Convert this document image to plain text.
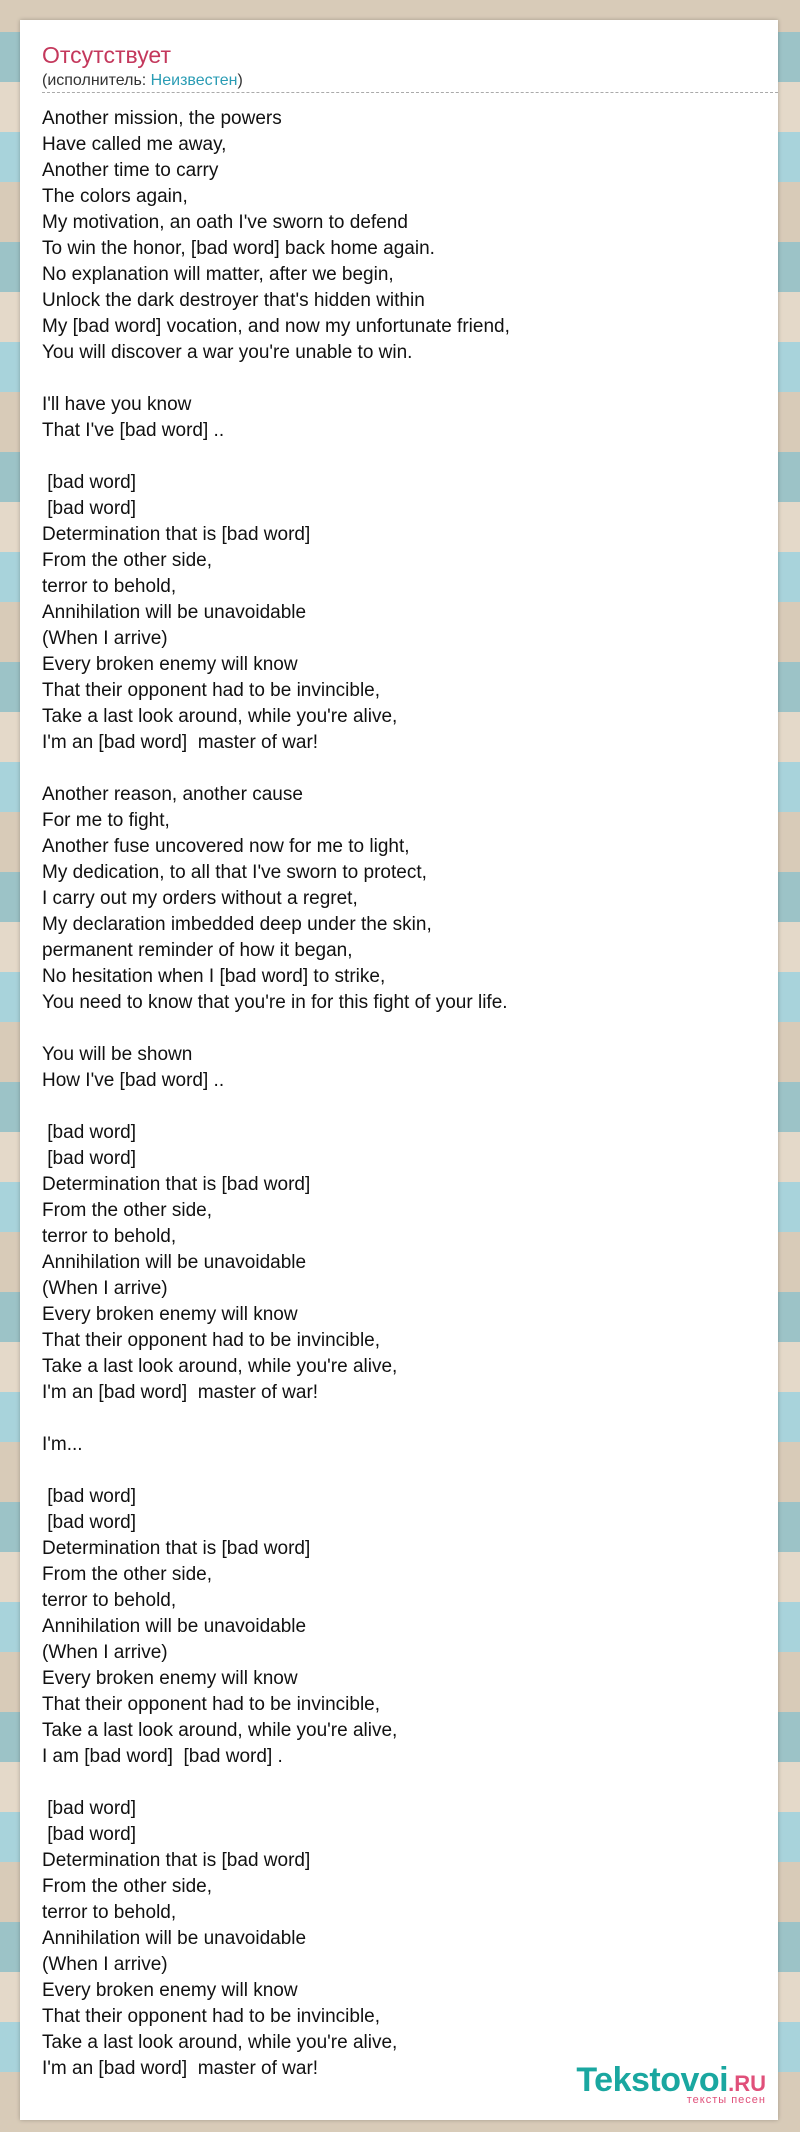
Отсутствует
(исполнитель: Неизвестен)
Another mission, the powers
Have called me away,
Another time to carry
The colors again,
My motivation, an oath I've sworn to defend
To win the honor, [bad word] back home again.
No explanation will matter, after we begin,
Unlock the dark destroyer that's hidden within
My [bad word] vocation, and now my unfortunate friend,
You will discover a war you're unable to win.
I'll have you know
That I've [bad word] ..
[bad word]
[bad word]
Determination that is [bad word]
From the other side,
terror to behold,
Annihilation will be unavoidable
(When I arrive)
Every broken enemy will know
That their opponent had to be invincible,
Take a last look around, while you're alive,
I'm an [bad word]  master of war!
Another reason, another cause
For me to fight,
Another fuse uncovered now for me to light,
My dedication, to all that I've sworn to protect,
I carry out my orders without a regret,
My declaration imbedded deep under the skin,
permanent reminder of how it began,
No hesitation when I [bad word] to strike,
You need to know that you're in for this fight of your life.
You will be shown
How I've [bad word] ..
[bad word]
[bad word]
Determination that is [bad word]
From the other side,
terror to behold,
Annihilation will be unavoidable
(When I arrive)
Every broken enemy will know
That their opponent had to be invincible,
Take a last look around, while you're alive,
I'm an [bad word]  master of war!
I'm...
[bad word]
[bad word]
Determination that is [bad word]
From the other side,
terror to behold,
Annihilation will be unavoidable
(When I arrive)
Every broken enemy will know
That their opponent had to be invincible,
Take a last look around, while you're alive,
I am [bad word]  [bad word] .
[bad word]
[bad word]
Determination that is [bad word]
From the other side,
terror to behold,
Annihilation will be unavoidable
(When I arrive)
Every broken enemy will know
That their opponent had to be invincible,
Take a last look around, while you're alive,
I'm an [bad word]  master of war!	Tekstovoi.RU
тексты песен
